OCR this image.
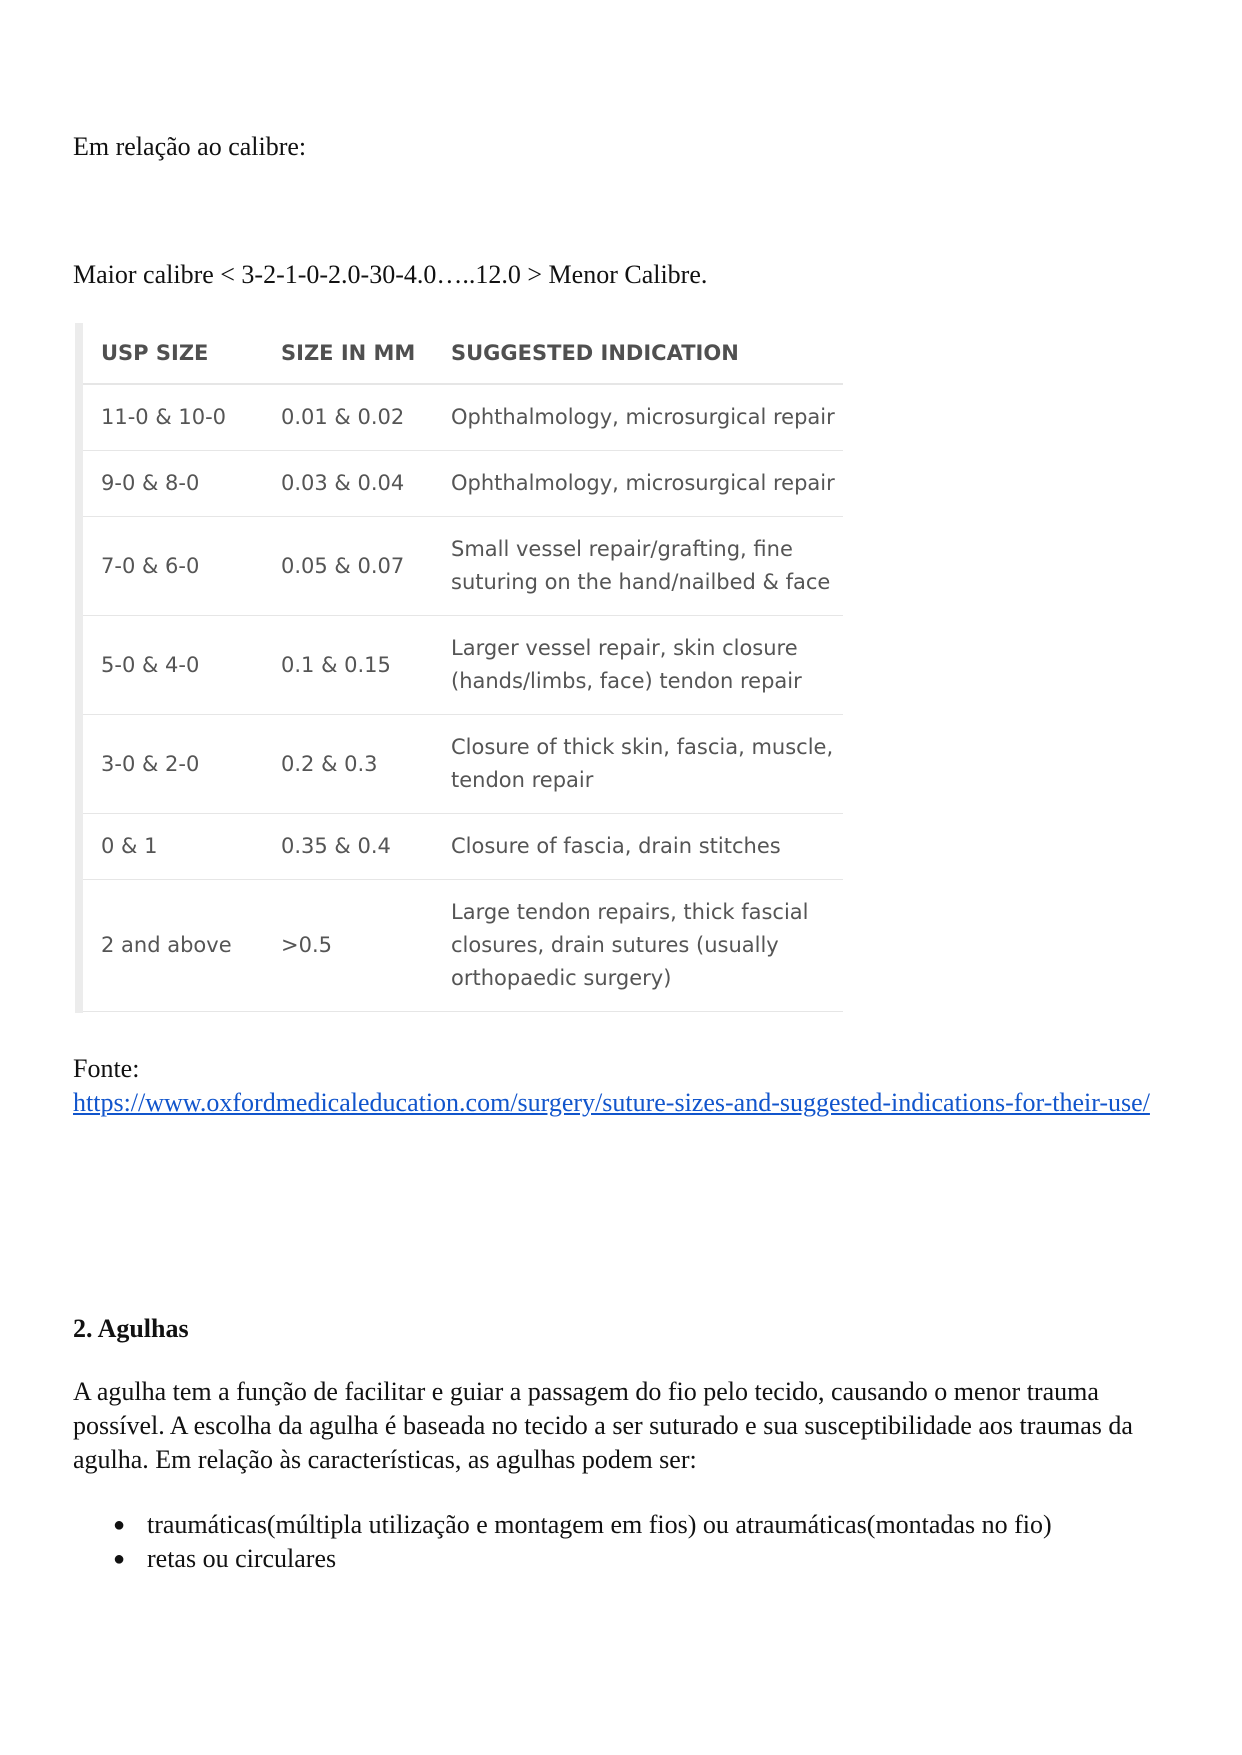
Em relação ao calibre:

Maior calibre < 3-2-1-0-2.0-30-4.0…..12.0 > Menor Calibre.

USP SIZE	SIZE IN MM	SUGGESTED INDICATION
11-0 & 10-0	0.01 & 0.02	Ophthalmology, microsurgical repair
9-0 & 8-0	0.03 & 0.04	Ophthalmology, microsurgical repair
7-0 & 6-0	0.05 & 0.07	Small vessel repair/grafting, fine suturing on the hand/nailbed & face
5-0 & 4-0	0.1 & 0.15	Larger vessel repair, skin closure (hands/limbs, face) tendon repair
3-0 & 2-0	0.2 & 0.3	Closure of thick skin, fascia, muscle, tendon repair
0 & 1	0.35 & 0.4	Closure of fascia, drain stitches
2 and above	>0.5	Large tendon repairs, thick fascial closures, drain sutures (usually orthopaedic surgery)

Fonte:

https://www.oxfordmedicaleducation.com/surgery/suture-sizes-and-suggested-indications-for-their-use/
2. Agulhas

A agulha tem a função de facilitar e guiar a passagem do fio pelo tecido, causando o menor trauma possível. A escolha da agulha é baseada no tecido a ser suturado e sua susceptibilidade aos traumas da agulha. Em relação às características, as agulhas podem ser:

● traumáticas(múltipla utilização e montagem em fios) ou atraumáticas(montadas no fio)
● retas ou circulares
